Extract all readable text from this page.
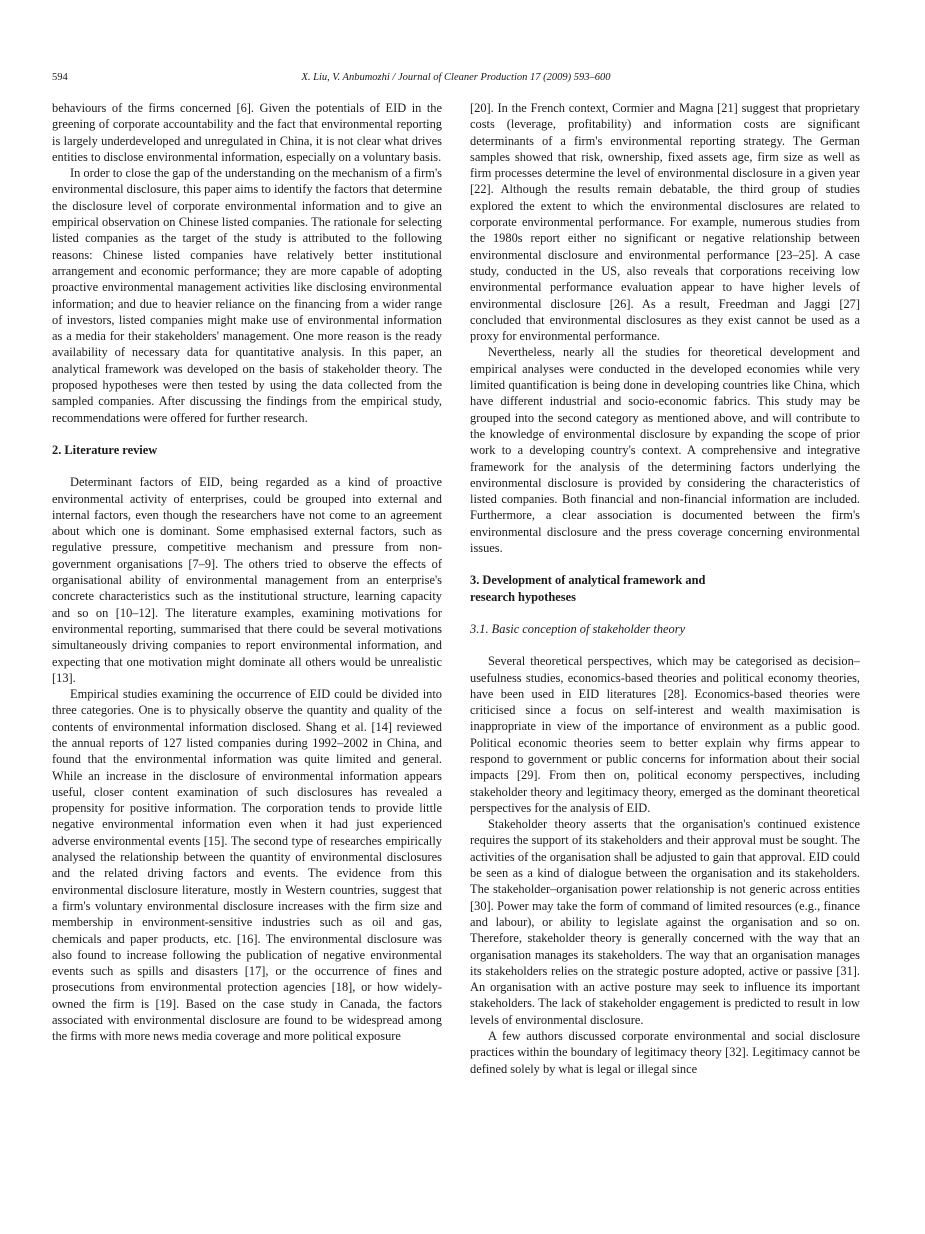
594	X. Liu, V. Anbumozhi / Journal of Cleaner Production 17 (2009) 593–600

behaviours of the firms concerned [6]. Given the potentials of EID in the greening of corporate accountability and the fact that environmental reporting is largely underdeveloped and unregulated in China, it is not clear what drives entities to disclose environmental information, especially on a voluntary basis.

In order to close the gap of the understanding on the mechanism of a firm's environmental disclosure, this paper aims to identify the factors that determine the disclosure level of corporate environmental information and to give an empirical observation on Chinese listed companies. The rationale for selecting listed companies as the target of the study is attributed to the following reasons: Chinese listed companies have relatively better institutional arrangement and economic performance; they are more capable of adopting proactive environmental management activities like disclosing environmental information; and due to heavier reliance on the financing from a wider range of investors, listed companies might make use of environmental information as a media for their stakeholders' management. One more reason is the ready availability of necessary data for quantitative analysis. In this paper, an analytical framework was developed on the basis of stakeholder theory. The proposed hypotheses were then tested by using the data collected from the sampled companies. After discussing the findings from the empirical study, recommendations were offered for further research.

2. Literature review

Determinant factors of EID, being regarded as a kind of proactive environmental activity of enterprises, could be grouped into external and internal factors, even though the researchers have not come to an agreement about which one is dominant. Some emphasised external factors, such as regulative pressure, competitive mechanism and pressure from non-government organisations [7–9]. The others tried to observe the effects of organisational ability of environmental management from an enterprise's concrete characteristics such as the institutional structure, learning capacity and so on [10–12]. The literature examples, examining motivations for environmental reporting, summarised that there could be several motivations simultaneously driving companies to report environmental information, and expecting that one motivation might dominate all others would be unrealistic [13].

Empirical studies examining the occurrence of EID could be divided into three categories. One is to physically observe the quantity and quality of the contents of environmental information disclosed. Shang et al. [14] reviewed the annual reports of 127 listed companies during 1992–2002 in China, and found that the environmental information was quite limited and general. While an increase in the disclosure of environmental information appears useful, closer content examination of such disclosures has revealed a propensity for positive information. The corporation tends to provide little negative environmental information even when it had just experienced adverse environmental events [15]. The second type of researches empirically analysed the relationship between the quantity of environmental disclosures and the related driving factors and events. The evidence from this environmental disclosure literature, mostly in Western countries, suggest that a firm's voluntary environmental disclosure increases with the firm size and membership in environment-sensitive industries such as oil and gas, chemicals and paper products, etc. [16]. The environmental disclosure was also found to increase following the publication of negative environmental events such as spills and disasters [17], or the occurrence of fines and prosecutions from environmental protection agencies [18], or how widely-owned the firm is [19]. Based on the case study in Canada, the factors associated with environmental disclosure are found to be widespread among the firms with more news media coverage and more political exposure

[20]. In the French context, Cormier and Magna [21] suggest that proprietary costs (leverage, profitability) and information costs are significant determinants of a firm's environmental reporting strategy. The German samples showed that risk, ownership, fixed assets age, firm size as well as firm processes determine the level of environmental disclosure in a given year [22]. Although the results remain debatable, the third group of studies explored the extent to which the environmental disclosures are related to corporate environmental performance. For example, numerous studies from the 1980s report either no significant or negative relationship between environmental disclosure and environmental performance [23–25]. A case study, conducted in the US, also reveals that corporations receiving low environmental performance evaluation appear to have higher levels of environmental disclosure [26]. As a result, Freedman and Jaggi [27] concluded that environmental disclosures as they exist cannot be used as a proxy for environmental performance.

Nevertheless, nearly all the studies for theoretical development and empirical analyses were conducted in the developed economies while very limited quantification is being done in developing countries like China, which have different industrial and socio-economic fabrics. This study may be grouped into the second category as mentioned above, and will contribute to the knowledge of environmental disclosure by expanding the scope of prior work to a developing country's context. A comprehensive and integrative framework for the analysis of the determining factors underlying the environmental disclosure is provided by considering the characteristics of listed companies. Both financial and non-financial information are included. Furthermore, a clear association is documented between the firm's environmental disclosure and the press coverage concerning environmental issues.

3. Development of analytical framework and
research hypotheses
3.1. Basic conception of stakeholder theory

Several theoretical perspectives, which may be categorised as decision–usefulness studies, economics-based theories and political economy theories, have been used in EID literatures [28]. Economics-based theories were criticised since a focus on self-interest and wealth maximisation is inappropriate in view of the importance of environment as a public good. Political economic theories seem to better explain why firms appear to respond to government or public concerns for information about their social impacts [29]. From then on, political economy perspectives, including stakeholder theory and legitimacy theory, emerged as the dominant theoretical perspectives for the analysis of EID.

Stakeholder theory asserts that the organisation's continued existence requires the support of its stakeholders and their approval must be sought. The activities of the organisation shall be adjusted to gain that approval. EID could be seen as a kind of dialogue between the organisation and its stakeholders. The stakeholder–organisation power relationship is not generic across entities [30]. Power may take the form of command of limited resources (e.g., finance and labour), or ability to legislate against the organisation and so on. Therefore, stakeholder theory is generally concerned with the way that an organisation manages its stakeholders. The way that an organisation manages its stakeholders relies on the strategic posture adopted, active or passive [31]. An organisation with an active posture may seek to influence its important stakeholders. The lack of stakeholder engagement is predicted to result in low levels of environmental disclosure.

A few authors discussed corporate environmental and social disclosure practices within the boundary of legitimacy theory [32]. Legitimacy cannot be defined solely by what is legal or illegal since
